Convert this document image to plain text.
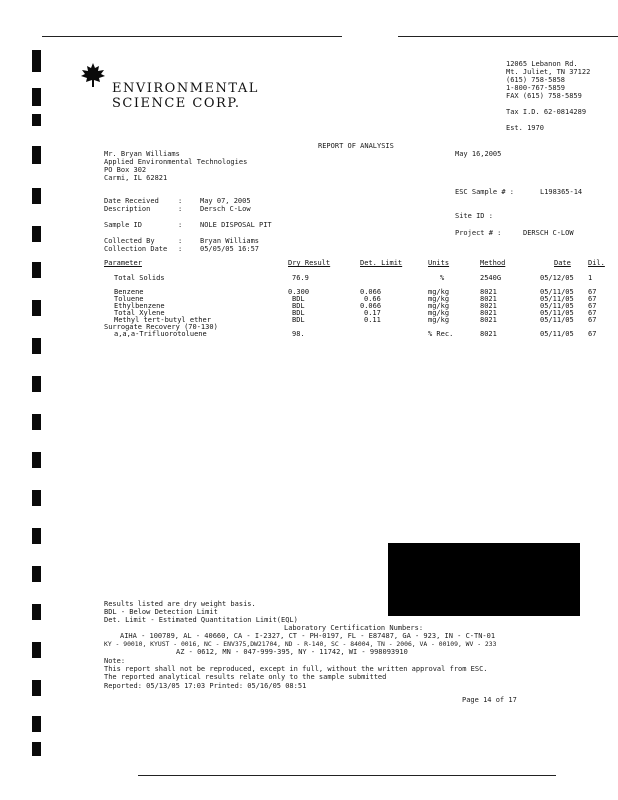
ENVIRONMENTAL
SCIENCE CORP.
12065 Lebanon Rd.
Mt. Juliet, TN 37122
(615) 758-5858
1-800-767-5859
FAX (615) 758-5859
Tax I.D. 62-0814289
Est. 1970
REPORT OF ANALYSIS
May 16,2005
Mr. Bryan Williams
Applied Environmental Technologies
PO Box 302
Carmi, IL 62821
ESC Sample # :	L198365-14
Site ID :
Project # :	DERSCH C-LOW
Date Received	:	May 07, 2005
Description	:	Dersch C-Low
Sample ID	:	NOLE DISPOSAL PIT
Collected By	:	Bryan Williams
Collection Date :	05/05/05 16:57
Parameter	Dry Result	Det. Limit	Units	Method	Date	Dil.

Total Solids	76.9		%	2540G	05/12/05	1

Benzene	0.300	0.066	mg/kg	8021	05/11/05	67
Toluene	BDL	0.66	mg/kg	8021	05/11/05	67
Ethylbenzene	BDL	0.066	mg/kg	8021	05/11/05	67
Total Xylene	BDL	0.17	mg/kg	8021	05/11/05	67
Methyl tert-butyl ether	BDL	0.11	mg/kg	8021	05/11/05	67
Surrogate Recovery (70-130)						
a,a,a-Trifluorotoluene	98.		% Rec.	8021	05/11/05	67
Results listed are dry weight basis.
BDL - Below Detection Limit
Det. Limit - Estimated Quantitation Limit(EQL)
Laboratory Certification Numbers:
AIHA - 100789, AL - 40660, CA - I-2327, CT - PH-0197, FL - E87487, GA - 923, IN - C-TN-01
KY - 90010, KYUST - 0016, NC - ENV375,DW21704, ND - R-140, SC - 84004, TN - 2006, VA - 00109, WV - 233
AZ - 0612, MN - 047-999-395, NY - 11742, WI - 998093910
Note:
This report shall not be reproduced, except in full, without the written approval from ESC.
The reported analytical results relate only to the sample submitted
Reported: 05/13/05 17:03 Printed: 05/16/05 08:51
Page 14 of 17
